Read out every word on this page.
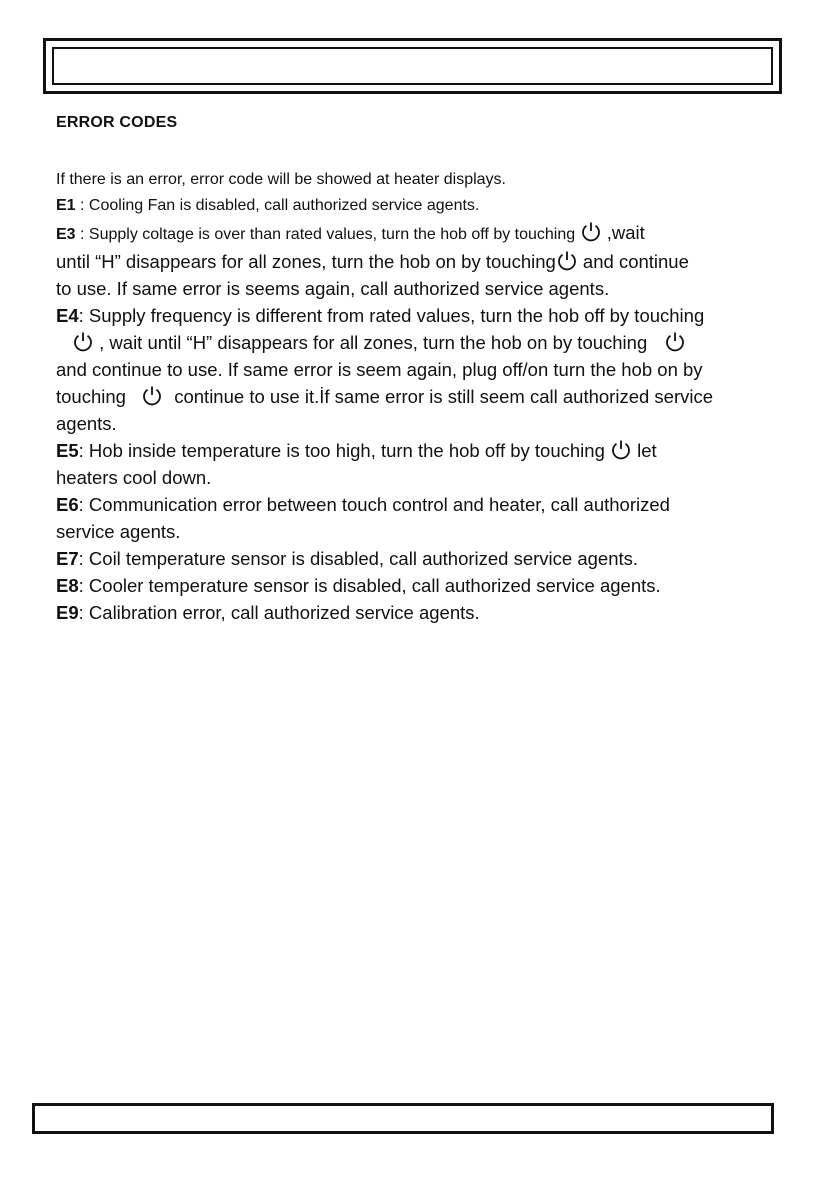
ERROR CODES
If there is an error, error code will be showed at heater displays.
E1 : Cooling Fan is disabled, call authorized service agents.
E3 : Supply coltage is over than rated values, turn the hob off by touching
,wait
until “H” disappears for all zones, turn the hob on by touching
and continue
to use. If same error is seems again, call authorized service agents.
E4: Supply frequency is different from rated values, turn the hob off by touching
, wait until “H” disappears for all zones, turn the hob on by touching
and continue to use. If same error is seem again, plug off/on turn the hob on by
touching
continue to use it.İf same error is still seem call authorized service
agents.
E5: Hob inside temperature is too high, turn the hob off by touching
let
heaters cool down.
E6: Communication error between touch control and heater, call authorized
service agents.
E7: Coil temperature sensor is disabled, call authorized service agents.
E8: Cooler temperature sensor is disabled, call authorized service agents.
E9: Calibration error, call authorized service agents.
